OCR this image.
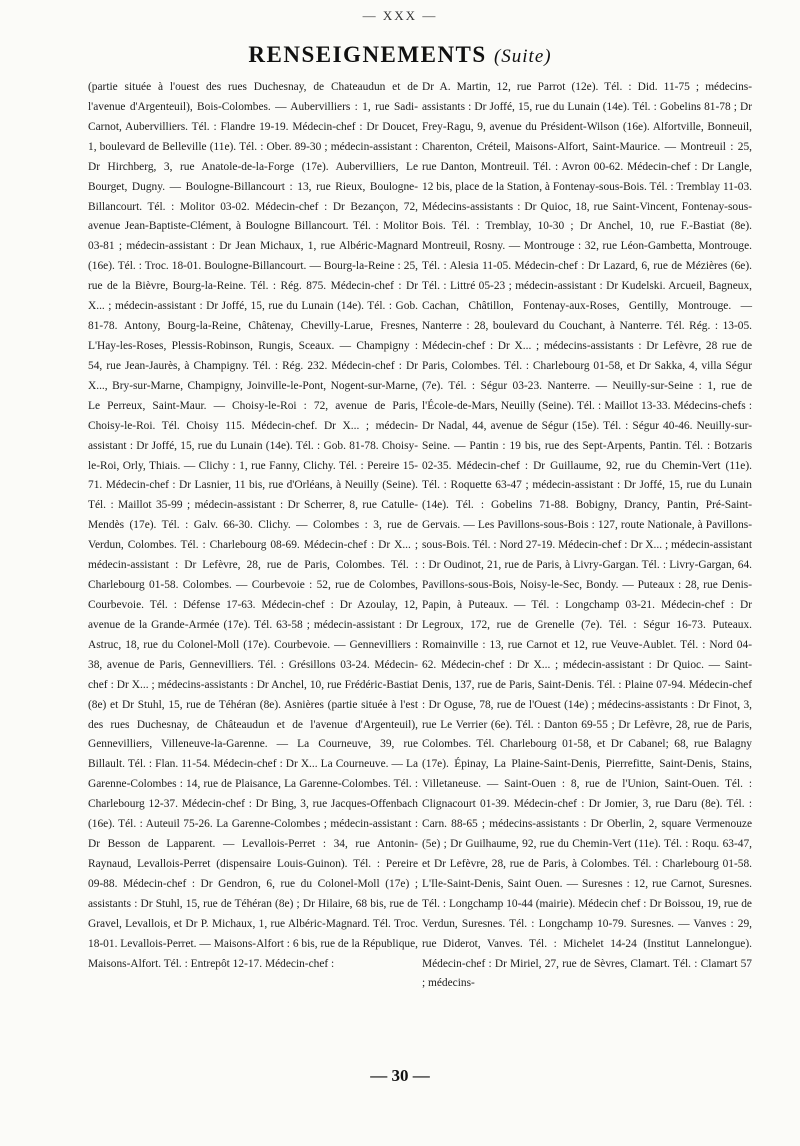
— XXX —
RENSEIGNEMENTS (Suite)

(partie située à l'ouest des rues Duchesnay, de Chateaudun et de l'avenue d'Argenteuil), Bois-Colombes. — Aubervilliers : 1, rue Sadi-Carnot, Aubervilliers. Tél. : Flandre 19-19. Médecin-chef : Dr Doucet, 1, boulevard de Belleville (11e). Tél. : Ober. 89-30 ; médecin-assistant : Dr Hirchberg, 3, rue Anatole-de-la-Forge (17e). Aubervilliers, Le Bourget, Dugny. — Boulogne-Billancourt : 13, rue Rieux, Boulogne-Billancourt. Tél. : Molitor 03-02. Médecin-chef : Dr Bezançon, 72, avenue Jean-Baptiste-Clément, à Boulogne Billancourt. Tél. : Molitor 03-81 ; médecin-assistant : Dr Jean Michaux, 1, rue Albéric-Magnard (16e). Tél. : Troc. 18-01. Boulogne-Billancourt. — Bourg-la-Reine : 25, rue de la Bièvre, Bourg-la-Reine. Tél. : Rég. 875. Médecin-chef : Dr X... ; médecin-assistant : Dr Joffé, 15, rue du Lunain (14e). Tél. : Gob. 81-78. Antony, Bourg-la-Reine, Châtenay, Chevilly-Larue, Fresnes, L'Hay-les-Roses, Plessis-Robinson, Rungis, Sceaux. — Champigny : 54, rue Jean-Jaurès, à Champigny. Tél. : Rég. 232. Médecin-chef : Dr X..., Bry-sur-Marne, Champigny, Joinville-le-Pont, Nogent-sur-Marne, Le Perreux, Saint-Maur. — Choisy-le-Roi : 72, avenue de Paris, Choisy-le-Roi. Tél. Choisy 115. Médecin-chef. Dr X... ; médecin-assistant : Dr Joffé, 15, rue du Lunain (14e). Tél. : Gob. 81-78. Choisy-le-Roi, Orly, Thiais. — Clichy : 1, rue Fanny, Clichy. Tél. : Pereire 15-71. Médecin-chef : Dr Lasnier, 11 bis, rue d'Orléans, à Neuilly (Seine). Tél. : Maillot 35-99 ; médecin-assistant : Dr Scherrer, 8, rue Catulle-Mendès (17e). Tél. : Galv. 66-30. Clichy. — Colombes : 3, rue de Verdun, Colombes. Tél. : Charlebourg 08-69. Médecin-chef : Dr X... ; médecin-assistant : Dr Lefèvre, 28, rue de Paris, Colombes. Tél. : Charlebourg 01-58. Colombes. — Courbevoie : 52, rue de Colombes, Courbevoie. Tél. : Défense 17-63. Médecin-chef : Dr Azoulay, 12, avenue de la Grande-Armée (17e). Tél. 63-58 ; médecin-assistant : Dr Astruc, 18, rue du Colonel-Moll (17e). Courbevoie. — Gennevilliers : 38, avenue de Paris, Gennevilliers. Tél. : Grésillons 03-24. Médecin-chef : Dr X... ; médecins-assistants : Dr Anchel, 10, rue Frédéric-Bastiat (8e) et Dr Stuhl, 15, rue de Téhéran (8e). Asnières (partie située à l'est des rues Duchesnay, de Châteaudun et de l'avenue d'Argenteuil), Gennevilliers, Villeneuve-la-Garenne. — La Courneuve, 39, rue Billault. Tél. : Flan. 11-54. Médecin-chef : Dr X... La Courneuve. — La Garenne-Colombes : 14, rue de Plaisance, La Garenne-Colombes. Tél. : Charlebourg 12-37. Médecin-chef : Dr Bing, 3, rue Jacques-Offenbach (16e). Tél. : Auteuil 75-26. La Garenne-Colombes ; médecin-assistant : Dr Besson de Lapparent. — Levallois-Perret : 34, rue Antonin-Raynaud, Levallois-Perret (dispensaire Louis-Guinon). Tél. : Pereire 09-88. Médecin-chef : Dr Gendron, 6, rue du Colonel-Moll (17e) ; assistants : Dr Stuhl, 15, rue de Téhéran (8e) ; Dr Hilaire, 68 bis, rue de Gravel, Levallois, et Dr P. Michaux, 1, rue Albéric-Magnard. Tél. Troc. 18-01. Levallois-Perret. — Maisons-Alfort : 6 bis, rue de la République, Maisons-Alfort. Tél. : Entrepôt 12-17. Médecin-chef :

Dr A. Martin, 12, rue Parrot (12e). Tél. : Did. 11-75 ; médecins-assistants : Dr Joffé, 15, rue du Lunain (14e). Tél. : Gobelins 81-78 ; Dr Frey-Ragu, 9, avenue du Président-Wilson (16e). Alfortville, Bonneuil, Charenton, Créteil, Maisons-Alfort, Saint-Maurice. — Montreuil : 25, rue Danton, Montreuil. Tél. : Avron 00-62. Médecin-chef : Dr Langle, 12 bis, place de la Station, à Fontenay-sous-Bois. Tél. : Tremblay 11-03. Médecins-assistants : Dr Quioc, 18, rue Saint-Vincent, Fontenay-sous-Bois. Tél. : Tremblay, 10-30 ; Dr Anchel, 10, rue F.-Bastiat (8e). Montreuil, Rosny. — Montrouge : 32, rue Léon-Gambetta, Montrouge. Tél. : Alesia 11-05. Médecin-chef : Dr Lazard, 6, rue de Mézières (6e). Tél. : Littré 05-23 ; médecin-assistant : Dr Kudelski. Arcueil, Bagneux, Cachan, Châtillon, Fontenay-aux-Roses, Gentilly, Montrouge. — Nanterre : 28, boulevard du Couchant, à Nanterre. Tél. Rég. : 13-05. Médecin-chef : Dr X... ; médecins-assistants : Dr Lefèvre, 28 rue de Paris, Colombes. Tél. : Charlebourg 01-58, et Dr Sakka, 4, villa Ségur (7e). Tél. : Ségur 03-23. Nanterre. — Neuilly-sur-Seine : 1, rue de l'École-de-Mars, Neuilly (Seine). Tél. : Maillot 13-33. Médecins-chefs : Dr Nadal, 44, avenue de Ségur (15e). Tél. : Ségur 40-46. Neuilly-sur-Seine. — Pantin : 19 bis, rue des Sept-Arpents, Pantin. Tél. : Botzaris 02-35. Médecin-chef : Dr Guillaume, 92, rue du Chemin-Vert (11e). Tél. : Roquette 63-47 ; médecin-assistant : Dr Joffé, 15, rue du Lunain (14e). Tél. : Gobelins 71-88. Bobigny, Drancy, Pantin, Pré-Saint-Gervais. — Les Pavillons-sous-Bois : 127, route Nationale, à Pavillons-sous-Bois. Tél. : Nord 27-19. Médecin-chef : Dr X... ; médecin-assistant : Dr Oudinot, 21, rue de Paris, à Livry-Gargan. Tél. : Livry-Gargan, 64. Pavillons-sous-Bois, Noisy-le-Sec, Bondy. — Puteaux : 28, rue Denis-Papin, à Puteaux. — Tél. : Longchamp 03-21. Médecin-chef : Dr Legroux, 172, rue de Grenelle (7e). Tél. : Ségur 16-73. Puteaux. Romainville : 13, rue Carnot et 12, rue Veuve-Aublet. Tél. : Nord 04-62. Médecin-chef : Dr X... ; médecin-assistant : Dr Quioc. — Saint-Denis, 137, rue de Paris, Saint-Denis. Tél. : Plaine 07-94. Médecin-chef : Dr Oguse, 78, rue de l'Ouest (14e) ; médecins-assistants : Dr Finot, 3, rue Le Verrier (6e). Tél. : Danton 69-55 ; Dr Lefèvre, 28, rue de Paris, Colombes. Tél. Charlebourg 01-58, et Dr Cabanel; 68, rue Balagny (17e). Épinay, La Plaine-Saint-Denis, Pierrefitte, Saint-Denis, Stains, Villetaneuse. — Saint-Ouen : 8, rue de l'Union, Saint-Ouen. Tél. : Clignacourt 01-39. Médecin-chef : Dr Jomier, 3, rue Daru (8e). Tél. : Carn. 88-65 ; médecins-assistants : Dr Oberlin, 2, square Vermenouze (5e) ; Dr Guilhaume, 92, rue du Chemin-Vert (11e). Tél. : Roqu. 63-47, et Dr Lefèvre, 28, rue de Paris, à Colombes. Tél. : Charlebourg 01-58. L'Ile-Saint-Denis, Saint Ouen. — Suresnes : 12, rue Carnot, Suresnes. Tél. : Longchamp 10-44 (mairie). Médecin chef : Dr Boissou, 19, rue de Verdun, Suresnes. Tél. : Longchamp 10-79. Suresnes. — Vanves : 29, rue Diderot, Vanves. Tél. : Michelet 14-24 (Institut Lannelongue). Médecin-chef : Dr Miriel, 27, rue de Sèvres, Clamart. Tél. : Clamart 57 ; médecins-

— 30 —
